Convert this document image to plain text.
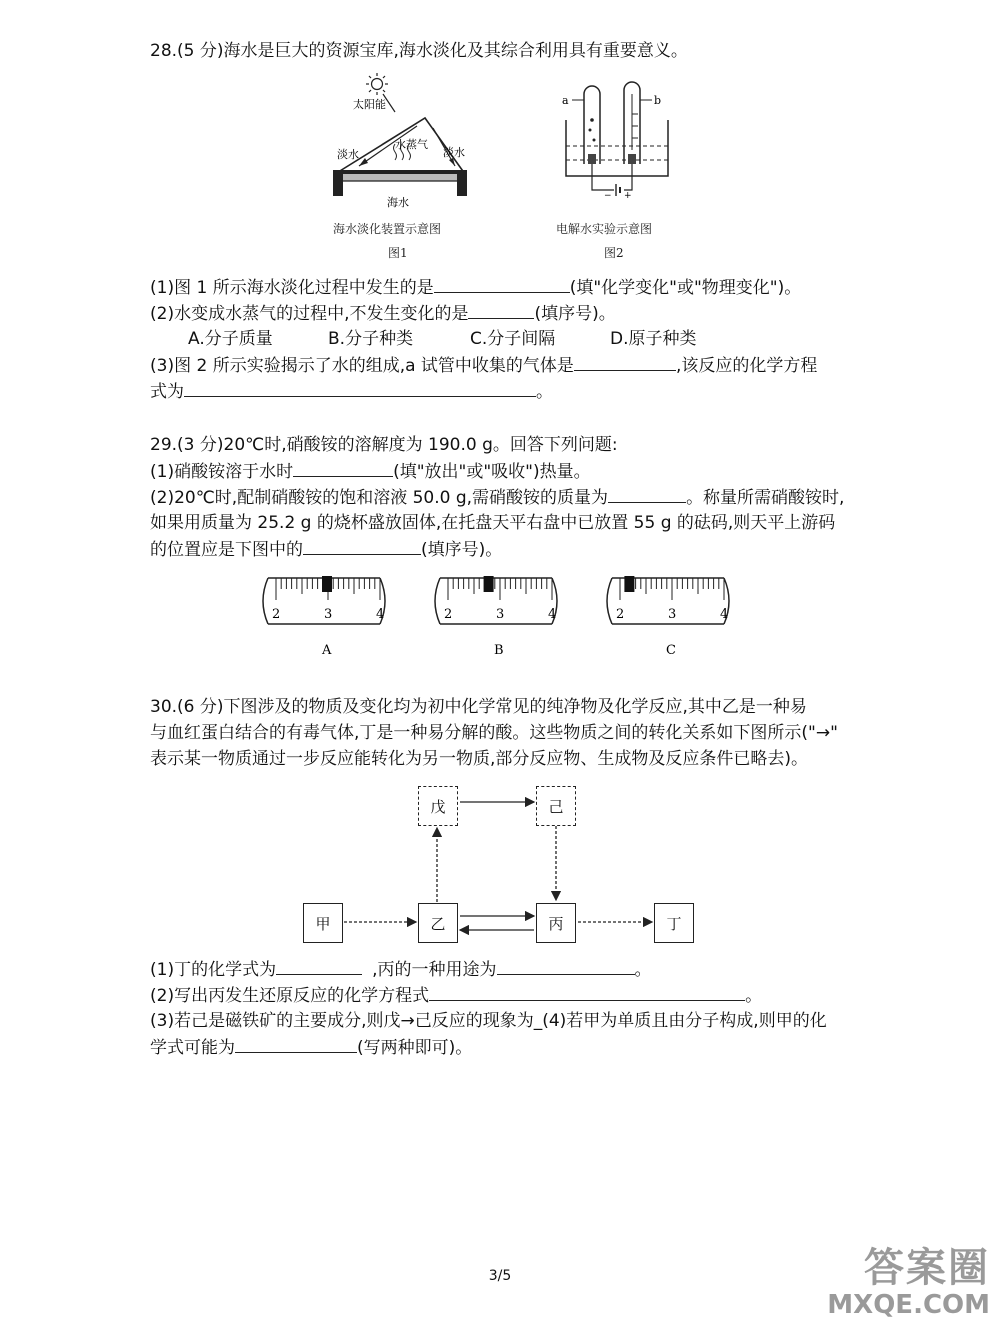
28.(5 分)海水是巨大的资源宝库,海水淡化及其综合利用具有重要意义。
太阳能
淡水
水蒸气
淡水
海水
海水淡化装置示意图
图1
− +
a	b
电解水实验示意图
图2
(1)图 1 所示海水淡化过程中发生的是	(填"化学变化"或"物理变化")。
(2)水变成水蒸气的过程中,不发生变化的是	(填序号)。
A.分子质量	B.分子种类	C.分子间隔	D.原子种类
(3)图 2 所示实验揭示了水的组成,a 试管中收集的气体是	,该反应的化学方程
式为	。
29.(3 分)20℃时,硝酸铵的溶解度为 190.0 g。回答下列问题:
(1)硝酸铵溶于水时	(填"放出"或"吸收")热量。
(2)20℃时,配制硝酸铵的饱和溶液 50.0 g,需硝酸铵的质量为	。称量所需硝酸铵时,
如果用质量为 25.2 g 的烧杯盛放固体,在托盘天平右盘中已放置 55 g 的砝码,则天平上游码
的位置应是下图中的	(填序号)。
2	3	4
A
2	3	4
B
2	3	4
C
30.(6 分)下图涉及的物质及变化均为初中化学常见的纯净物及化学反应,其中乙是一种易
与血红蛋白结合的有毒气体,丁是一种易分解的酸。这些物质之间的转化关系如下图所示("→"
表示某一物质通过一步反应能转化为另一物质,部分反应物、生成物及反应条件已略去)。
戊	己
甲	乙	丙	丁
(1)丁的化学式为	,丙的一种用途为	。
(2)写出丙发生还原反应的化学方程式	。
(3)若己是磁铁矿的主要成分,则戊→己反应的现象为_(4)若甲为单质且由分子构成,则甲的化
学式可能为	(写两种即可)。
3/5	答案圈
MXQE.COM
